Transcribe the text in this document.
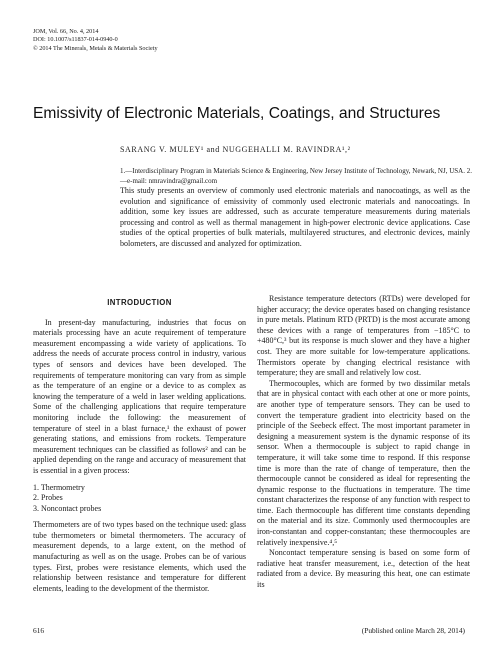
JOM, Vol. 66, No. 4, 2014
DOI: 10.1007/s11837-014-0940-0
© 2014 The Minerals, Metals & Materials Society
Emissivity of Electronic Materials, Coatings, and Structures
SARANG V. MULEY¹ and NUGGEHALLI M. RAVINDRA¹,²
1.—Interdisciplinary Program in Materials Science & Engineering, New Jersey Institute of Technology, Newark, NJ, USA. 2.—e-mail: nmravindra@gmail.com
This study presents an overview of commonly used electronic materials and nanocoatings, as well as the evolution and significance of emissivity of commonly used electronic materials and nanocoatings. In addition, some key issues are addressed, such as accurate temperature measurements during materials processing and control as well as thermal management in high-power electronic device applications. Case studies of the optical properties of bulk materials, multilayered structures, and electronic devices, mainly bolometers, are discussed and analyzed for optimization.
INTRODUCTION

In present-day manufacturing, industries that focus on materials processing have an acute requirement of temperature measurement encompassing a wide variety of applications. To address the needs of accurate process control in industry, various types of sensors and devices have been developed. The requirements of temperature monitoring can vary from as simple as the temperature of an engine or a device to as complex as knowing the temperature of a weld in laser welding applications. Some of the challenging applications that require temperature monitoring include the following: the measurement of temperature of steel in a blast furnace,¹ the exhaust of power generating stations, and emissions from rockets. Temperature measurement techniques can be classified as follows² and can be applied depending on the range and accuracy of measurement that is essential in a given process:

1. Thermometry
2. Probes
3. Noncontact probes

Thermometers are of two types based on the technique used: glass tube thermometers or bimetal thermometers. The accuracy of measurement depends, to a large extent, on the method of manufacturing as well as on the usage. Probes can be of various types. First, probes were resistance elements, which used the relationship between resistance and temperature for different elements, leading to the development of the thermistor.

Resistance temperature detectors (RTDs) were developed for higher accuracy; the device operates based on changing resistance in pure metals. Platinum RTD (PRTD) is the most accurate among these devices with a range of temperatures from −185°C to +480°C,³ but its response is much slower and they have a higher cost. They are more suitable for low-temperature applications. Thermistors operate by changing electrical resistance with temperature; they are small and relatively low cost.

Thermocouples, which are formed by two dissimilar metals that are in physical contact with each other at one or more points, are another type of temperature sensors. They can be used to convert the temperature gradient into electricity based on the principle of the Seebeck effect. The most important parameter in designing a measurement system is the dynamic response of its sensor. When a thermocouple is subject to rapid change in temperature, it will take some time to respond. If this response time is more than the rate of change of temperature, then the thermocouple cannot be considered as ideal for representing the dynamic response to the fluctuations in temperature. The time constant characterizes the response of any function with respect to time. Each thermocouple has different time constants depending on the material and its size. Commonly used thermocouples are iron-constantan and copper-constantan; these thermocouples are relatively inexpensive.⁴,⁵

Noncontact temperature sensing is based on some form of radiative heat transfer measurement, i.e., detection of the heat radiated from a device. By measuring this heat, one can estimate its

616	(Published online March 28, 2014)
